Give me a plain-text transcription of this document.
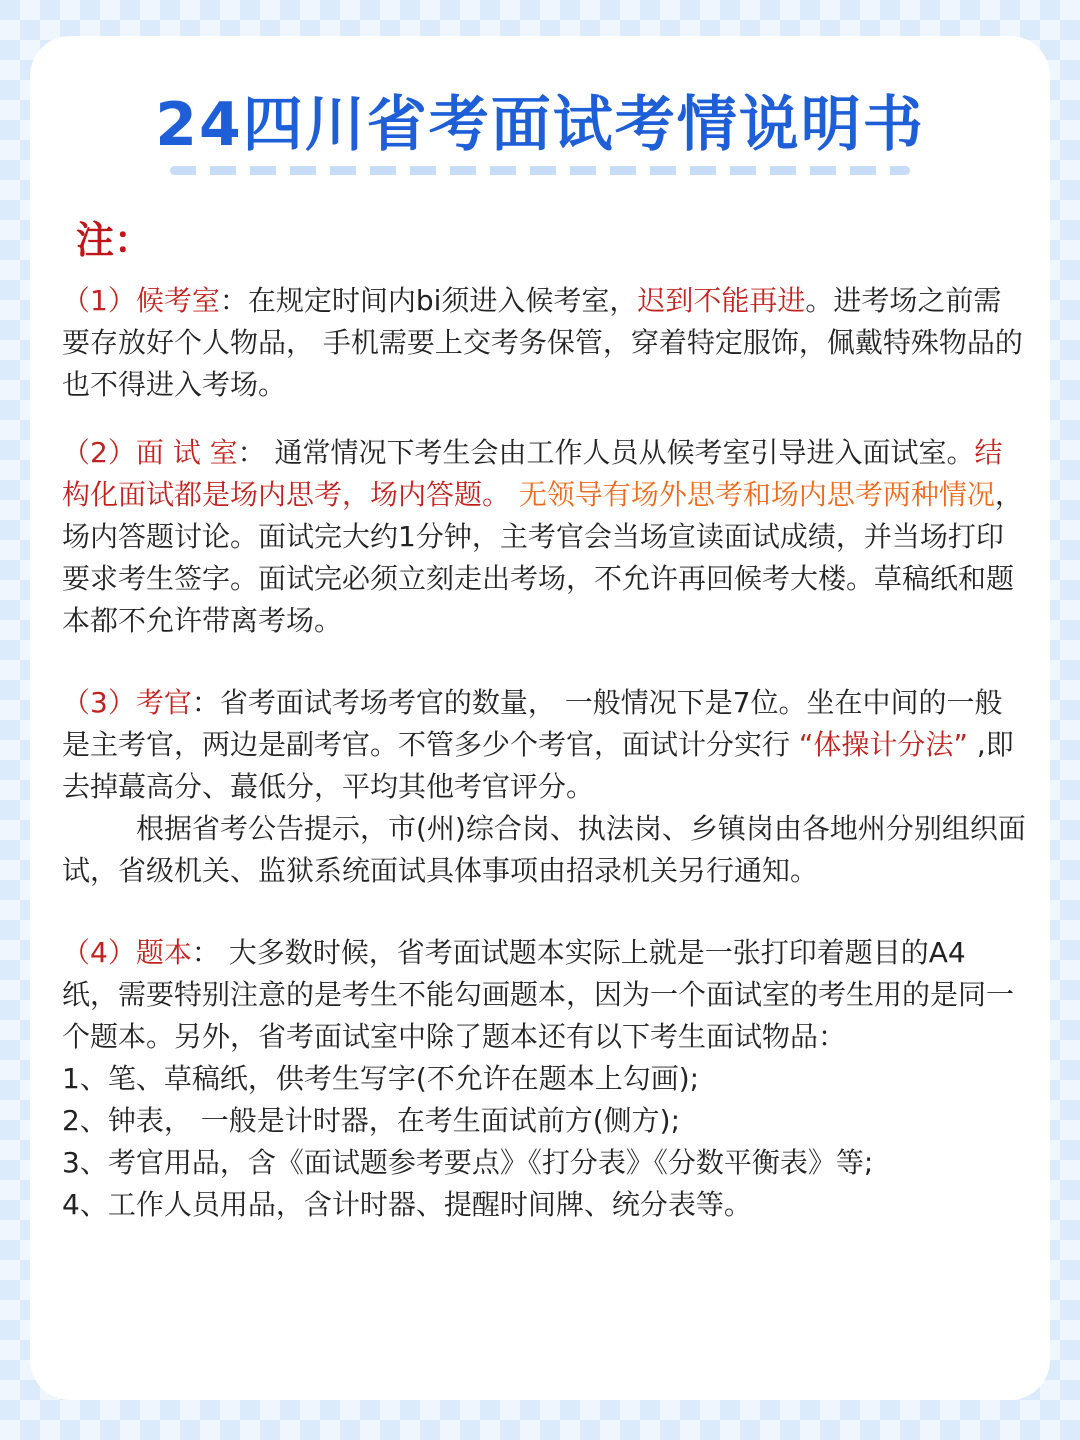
24四川省考面试考情说明书
注：

（1）候考室：在规定时间内bi须进入候考室，迟到不能再进。进考场之前需要存放好个人物品， 手机需要上交考务保管，穿着特定服饰，佩戴特殊物品的也不得进入考场。

（2）面 试 室： 通常情况下考生会由工作人员从候考室引导进入面试室。结构化面试都是场内思考，场内答题。 无领导有场外思考和场内思考两种情况，场内答题讨论。面试完大约1分钟，主考官会当场宣读面试成绩，并当场打印要求考生签字。面试完必须立刻走出考场，不允许再回候考大楼。草稿纸和题 本都不允许带离考场。

（3）考官：省考面试考场考官的数量， 一般情况下是7位。坐在中间的一般是主考官，两边是副考官。不管多少个考官，面试计分实行 “体操计分法” ,即去掉蕞高分、蕞低分，平均其他考官评分。
根据省考公告提示，市(州)综合岗、执法岗、乡镇岗由各地州分别组织面试，省级机关、监狱系统面试具体事项由招录机关另行通知。

（4）题本： 大多数时候，省考面试题本实际上就是一张打印着题目的A4 纸，需要特别注意的是考生不能勾画题本，因为一个面试室的考生用的是同一个题本。另外，省考面试室中除了题本还有以下考生面试物品：
1、笔、草稿纸，供考生写字(不允许在题本上勾画);
2、钟表， 一般是计时器，在考生面试前方(侧方);
3、考官用品，含《面试题参考要点》《打分表》《分数平衡表》等;
4、工作人员用品，含计时器、提醒时间牌、统分表等。
